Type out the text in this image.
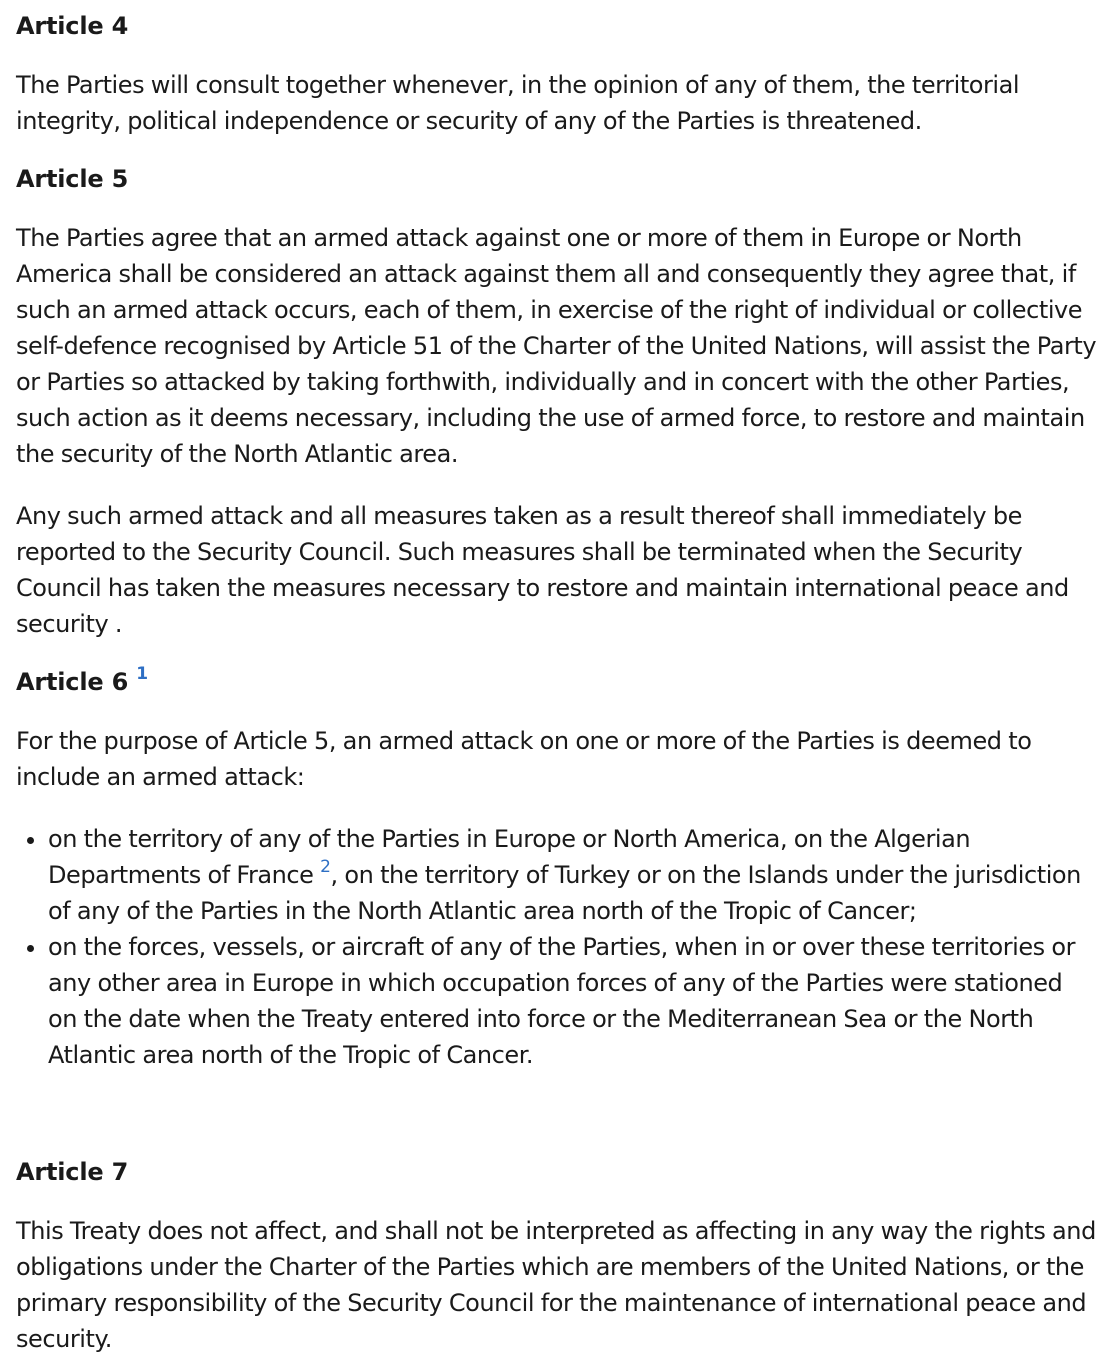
Article 4

The Parties will consult together whenever, in the opinion of any of them, the territorial integrity, political independence or security of any of the Parties is threatened.

Article 5

The Parties agree that an armed attack against one or more of them in Europe or North America shall be considered an attack against them all and consequently they agree that, if such an armed attack occurs, each of them, in exercise of the right of individual or collective self-defence recognised by Article 51 of the Charter of the United Nations, will assist the Party or Parties so attacked by taking forthwith, individually and in concert with the other Parties, such action as it deems necessary, including the use of armed force, to restore and maintain the security of the North Atlantic area.

Any such armed attack and all measures taken as a result thereof shall immediately be reported to the Security Council. Such measures shall be terminated when the Security Council has taken the measures necessary to restore and maintain international peace and security .

Article 6 $^1$

For the purpose of Article 5, an armed attack on one or more of the Parties is deemed to include an armed attack:

• on the territory of any of the Parties in Europe or North America, on the Algerian Departments of France $^2$, on the territory of Turkey or on the Islands under the jurisdiction of any of the Parties in the North Atlantic area north of the Tropic of Cancer;
• on the forces, vessels, or aircraft of any of the Parties, when in or over these territories or any other area in Europe in which occupation forces of any of the Parties were stationed on the date when the Treaty entered into force or the Mediterranean Sea or the North Atlantic area north of the Tropic of Cancer.
Article 7

This Treaty does not affect, and shall not be interpreted as affecting in any way the rights and obligations under the Charter of the Parties which are members of the United Nations, or the primary responsibility of the Security Council for the maintenance of international peace and security.
